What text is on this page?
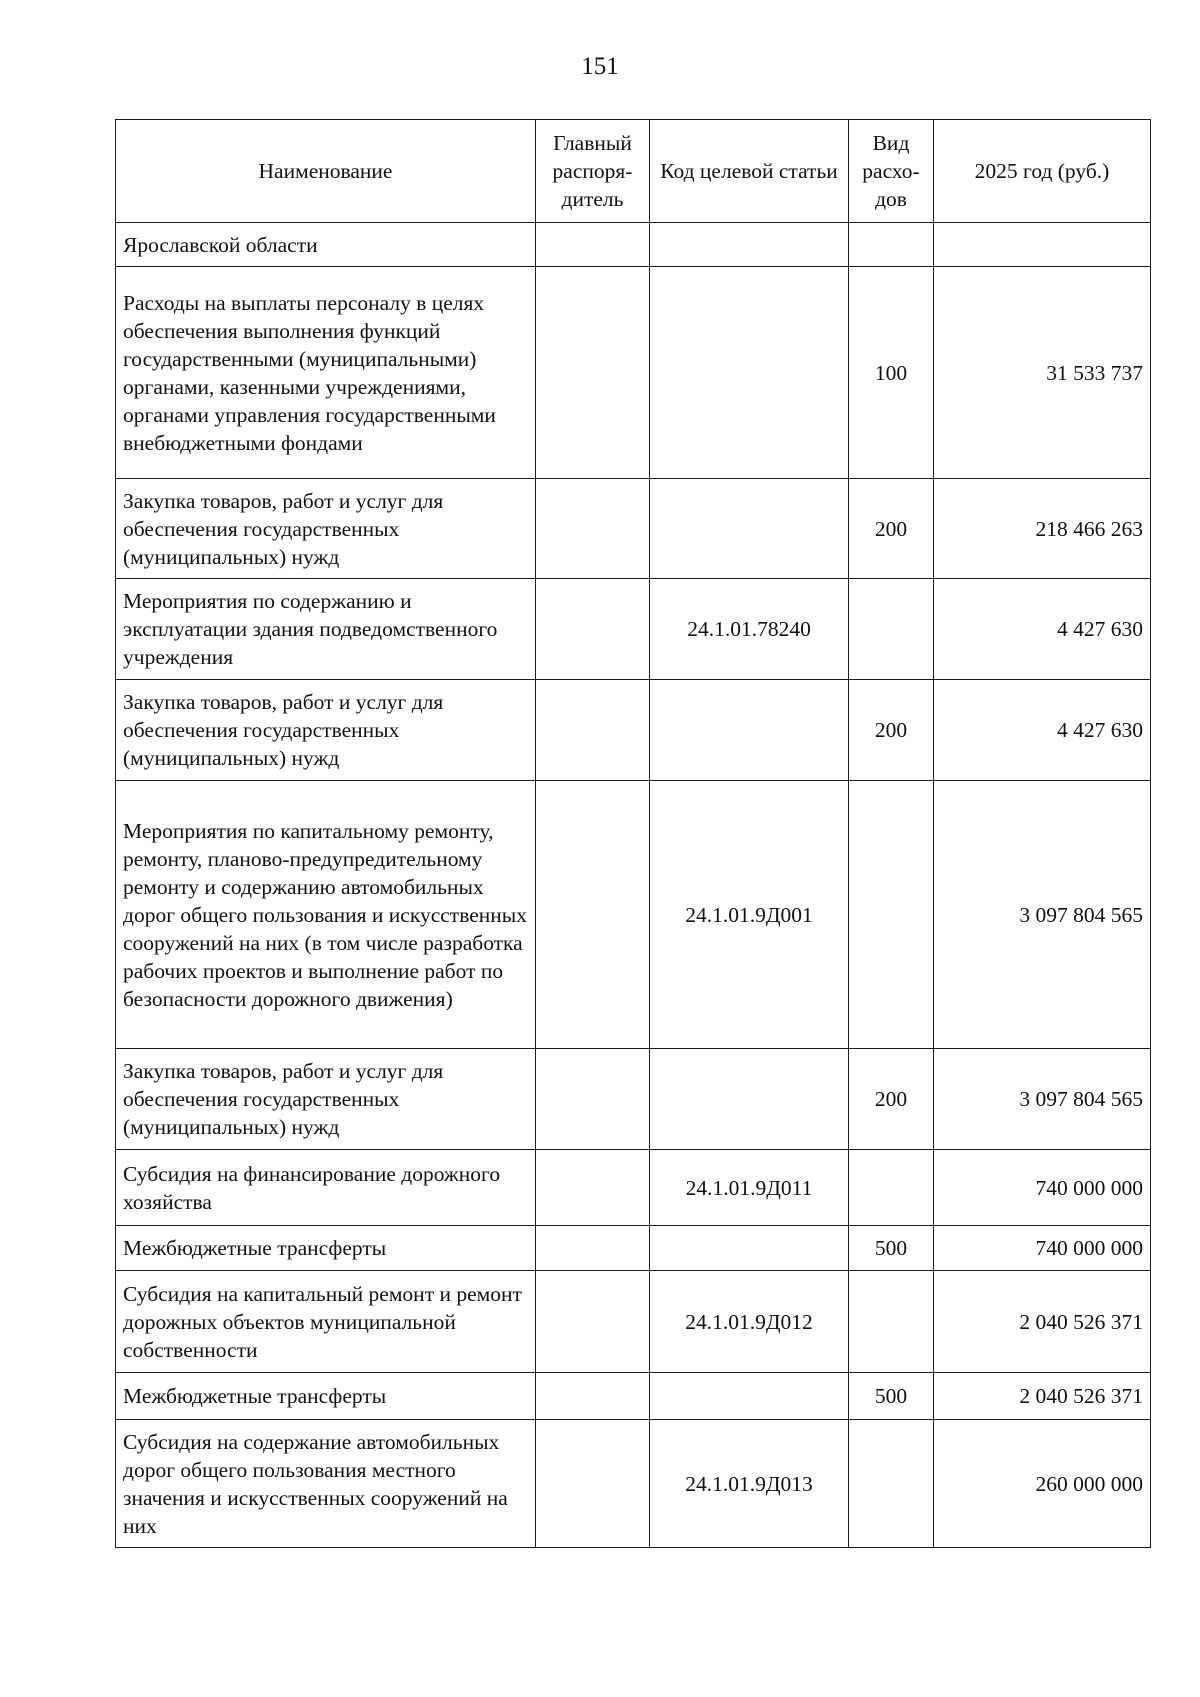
151
Наименование	Главный распоря-дитель	Код целевой статьи	Вид расхо-дов	2025 год (руб.)
Ярославской области				
Расходы на выплаты персоналу в целях обеспечения выполнения функций государственными (муниципальными) органами, казенными учреждениями, органами управления государственными внебюджетными фондами			100	31 533 737
Закупка товаров, работ и услуг для обеспечения государственных (муниципальных) нужд			200	218 466 263
Мероприятия по содержанию и эксплуатации здания подведомственного учреждения		24.1.01.78240		4 427 630
Закупка товаров, работ и услуг для обеспечения государственных (муниципальных) нужд			200	4 427 630
Мероприятия по капитальному ремонту, ремонту, планово-предупредительному ремонту и содержанию автомобильных дорог общего пользования и искусственных сооружений на них (в том числе разработка рабочих проектов и выполнение работ по безопасности дорожного движения)		24.1.01.9Д001		3 097 804 565
Закупка товаров, работ и услуг для обеспечения государственных (муниципальных) нужд			200	3 097 804 565
Субсидия на финансирование дорожного хозяйства		24.1.01.9Д011		740 000 000
Межбюджетные трансферты			500	740 000 000
Субсидия на капитальный ремонт и ремонт дорожных объектов муниципальной собственности		24.1.01.9Д012		2 040 526 371
Межбюджетные трансферты			500	2 040 526 371
Субсидия на содержание автомобильных дорог общего пользования местного значения и искусственных сооружений на них		24.1.01.9Д013		260 000 000
